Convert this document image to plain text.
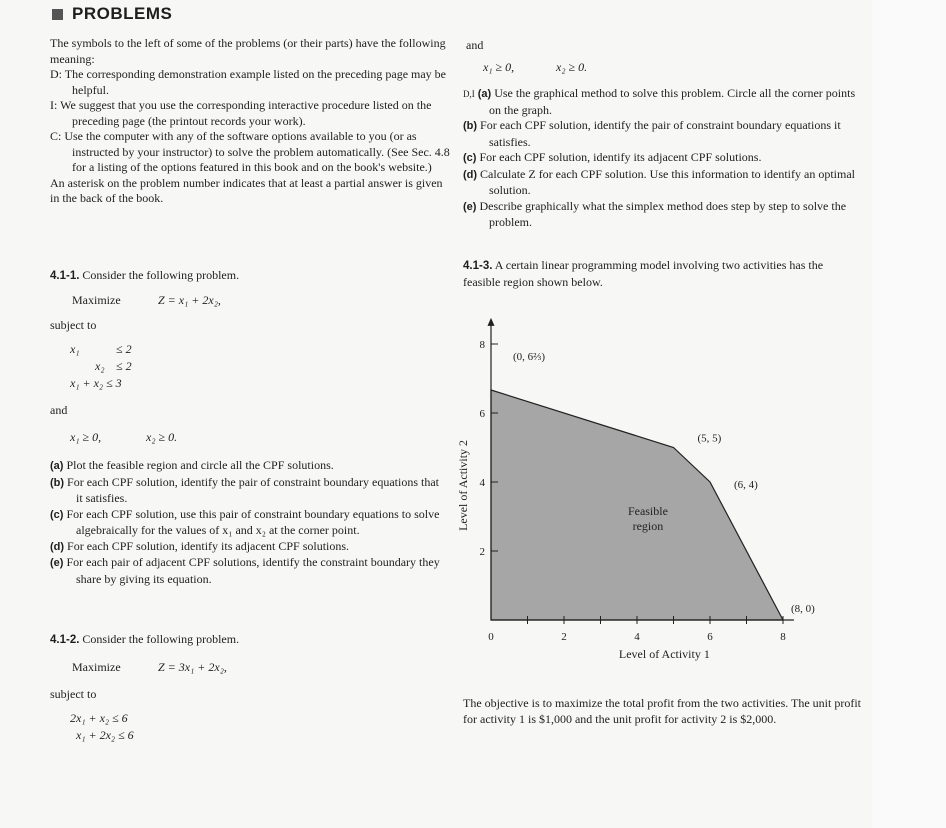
PROBLEMS

The symbols to the left of some of the problems (or their parts) have the following meaning:

D: The corresponding demonstration example listed on the preceding page may be helpful.

I: We suggest that you use the corresponding interactive procedure listed on the preceding page (the printout records your work).

C: Use the computer with any of the software options available to you (or as instructed by your instructor) to solve the problem automatically. (See Sec. 4.8 for a listing of the options featured in this book and on the book's website.)

An asterisk on the problem number indicates that at least a partial answer is given in the back of the book.

4.1-1. Consider the following problem.
Maximize	Z = x₁ + 2x₂,
subject to
x₁	≤ 2
x₂ ≤ 2
x₁ + x₂ ≤ 3
and
x₁ ≥ 0,	x₂ ≥ 0.

(a) Plot the feasible region and circle all the CPF solutions.

(b) For each CPF solution, identify the pair of constraint boundary equations that it satisfies.

(c) For each CPF solution, use this pair of constraint boundary equations to solve algebraically for the values of x₁ and x₂ at the corner point.

(d) For each CPF solution, identify its adjacent CPF solutions.

(e) For each pair of adjacent CPF solutions, identify the constraint boundary they share by giving its equation.

4.1-2. Consider the following problem.
Maximize	Z = 3x₁ + 2x₂,
subject to
2x₁ + x₂ ≤ 6
x₁ + 2x₂ ≤ 6
and
x₁ ≥ 0,	x₂ ≥ 0.

D,I (a) Use the graphical method to solve this problem. Circle all the corner points on the graph.

(b) For each CPF solution, identify the pair of constraint boundary equations it satisfies.

(c) For each CPF solution, identify its adjacent CPF solutions.

(d) Calculate Z for each CPF solution. Use this information to identify an optimal solution.

(e) Describe graphically what the simplex method does step by step to solve the problem.

4.1-3. A certain linear programming model involving two activities has the feasible region shown below.
0	2	4	6	8
2
4
6
8
Level of Activity 1
Level of Activity 2	Feasible
region
(0, 6⅔)
(5, 5)
(6, 4)
(8, 0)
The objective is to maximize the total profit from the two activities. The unit profit for activity 1 is $1,000 and the unit profit for activity 2 is $2,000.
